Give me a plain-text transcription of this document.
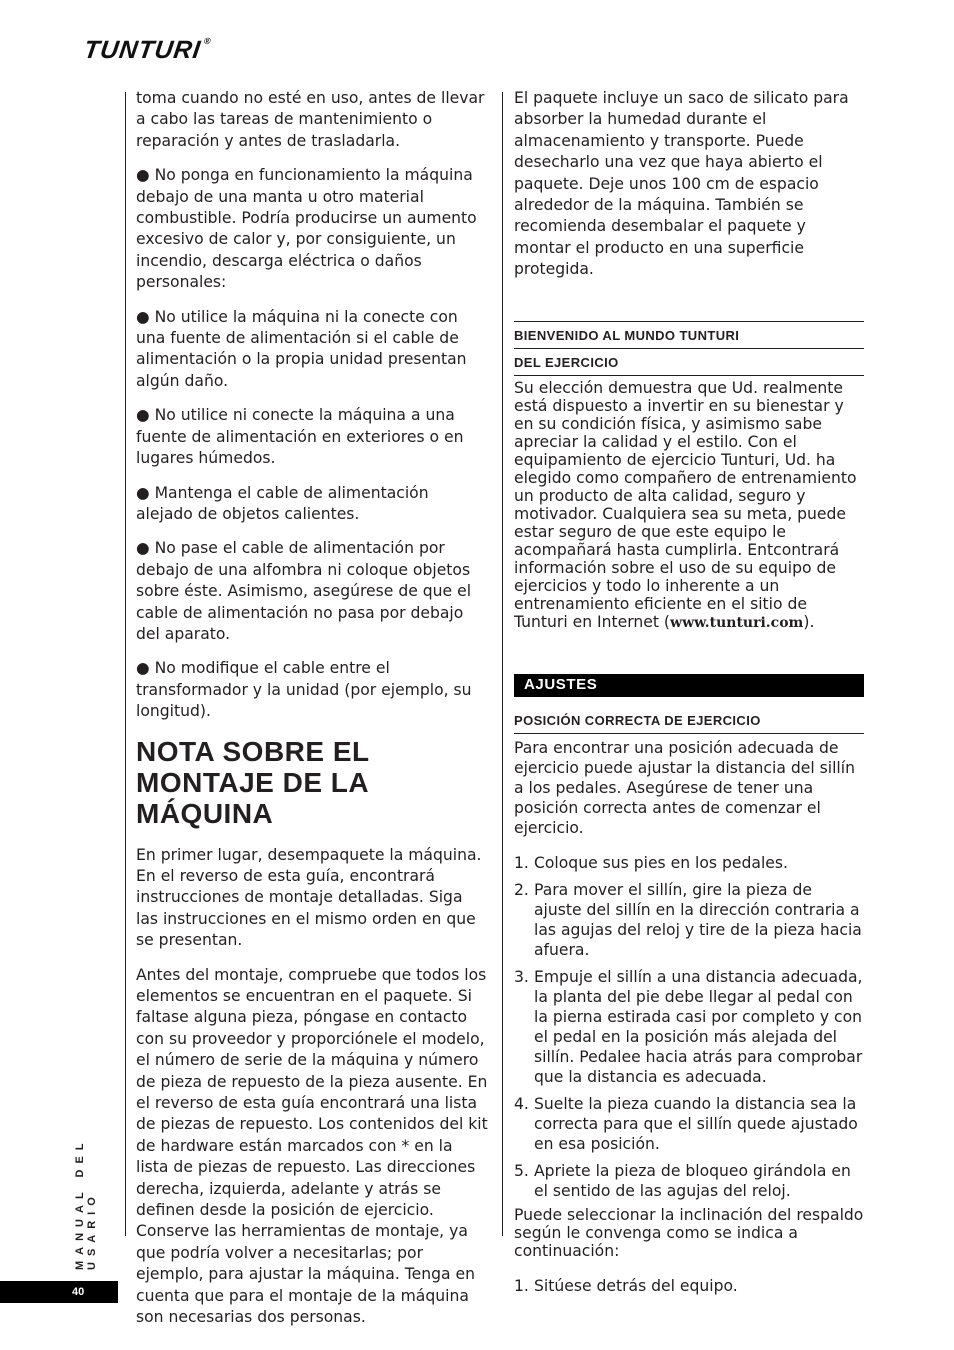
TUNTURI®

toma cuando no esté en uso, antes de llevar a cabo las tareas de mantenimiento o reparación y antes de trasladarla.

● No ponga en funcionamiento la máquina debajo de una manta u otro material combustible. Podría producirse un aumento excesivo de calor y, por consiguiente, un incendio, descarga eléctrica o daños personales:

● No utilice la máquina ni la conecte con una fuente de alimentación si el cable de alimentación o la propia unidad presentan algún daño.

● No utilice ni conecte la máquina a una fuente de alimentación en exteriores o en lugares húmedos.

● Mantenga el cable de alimentación alejado de objetos calientes.

● No pase el cable de alimentación por debajo de una alfombra ni coloque objetos sobre éste. Asimismo, asegúrese de que el cable de alimentación no pasa por debajo del aparato.

● No modifique el cable entre el transformador y la unidad (por ejemplo, su longitud).

NOTA SOBRE EL MONTAJE DE LA MÁQUINA

En primer lugar, desempaquete la máquina. En el reverso de esta guía, encontrará instrucciones de montaje detalladas. Siga las instrucciones en el mismo orden en que se presentan.

Antes del montaje, compruebe que todos los elementos se encuentran en el paquete. Si faltase alguna pieza, póngase en contacto con su proveedor y proporciónele el modelo, el número de serie de la máquina y número de pieza de repuesto de la pieza ausente. En el reverso de esta guía encontrará una lista de piezas de repuesto. Los contenidos del kit de hardware están marcados con * en la lista de piezas de repuesto. Las direcciones derecha, izquierda, adelante y atrás se definen desde la posición de ejercicio. Conserve las herramientas de montaje, ya que podría volver a necesitarlas; por ejemplo, para ajustar la máquina. Tenga en cuenta que para el montaje de la máquina son necesarias dos personas.

El paquete incluye un saco de silicato para absorber la humedad durante el almacenamiento y transporte. Puede desecharlo una vez que haya abierto el paquete. Deje unos 100 cm de espacio alrededor de la máquina. También se recomienda desembalar el paquete y montar el producto en una superficie protegida.

BIENVENIDO AL MUNDO TUNTURI
DEL EJERCICIO

Su elección demuestra que Ud. realmente está dispuesto a invertir en su bienestar y en su condición física, y asimismo sabe apreciar la calidad y el estilo. Con el equipamiento de ejercicio Tunturi, Ud. ha elegido como compañero de entrenamiento un producto de alta calidad, seguro y motivador. Cualquiera sea su meta, puede estar seguro de que este equipo le acompañará hasta cumplirla. Entcontrará información sobre el uso de su equipo de ejercicios y todo lo inherente a un entrenamiento eficiente en el sitio de Tunturi en Internet (www.tunturi.com).

AJUSTES
POSICIÓN CORRECTA DE EJERCICIO

Para encontrar una posición adecuada de ejercicio puede ajustar la distancia del sillín a los pedales. Asegúrese de tener una posición correcta antes de comenzar el ejercicio.

1. Coloque sus pies en los pedales.
2. Para mover el sillín, gire la pieza de ajuste del sillín en la dirección contraria a las agujas del reloj y tire de la pieza hacia afuera.
3. Empuje el sillín a una distancia adecuada, la planta del pie debe llegar al pedal con la pierna estirada casi por completo y con el pedal en la posición más alejada del sillín. Pedalee hacia atrás para comprobar que la distancia es adecuada.
4. Suelte la pieza cuando la distancia sea la correcta para que el sillín quede ajustado en esa posición.
5. Apriete la pieza de bloqueo girándola en el sentido de las agujas del reloj.

Puede seleccionar la inclinación del respaldo según le convenga como se indica a continuación:

1. Sitúese detrás del equipo.
MANUAL DEL USARIO
40
